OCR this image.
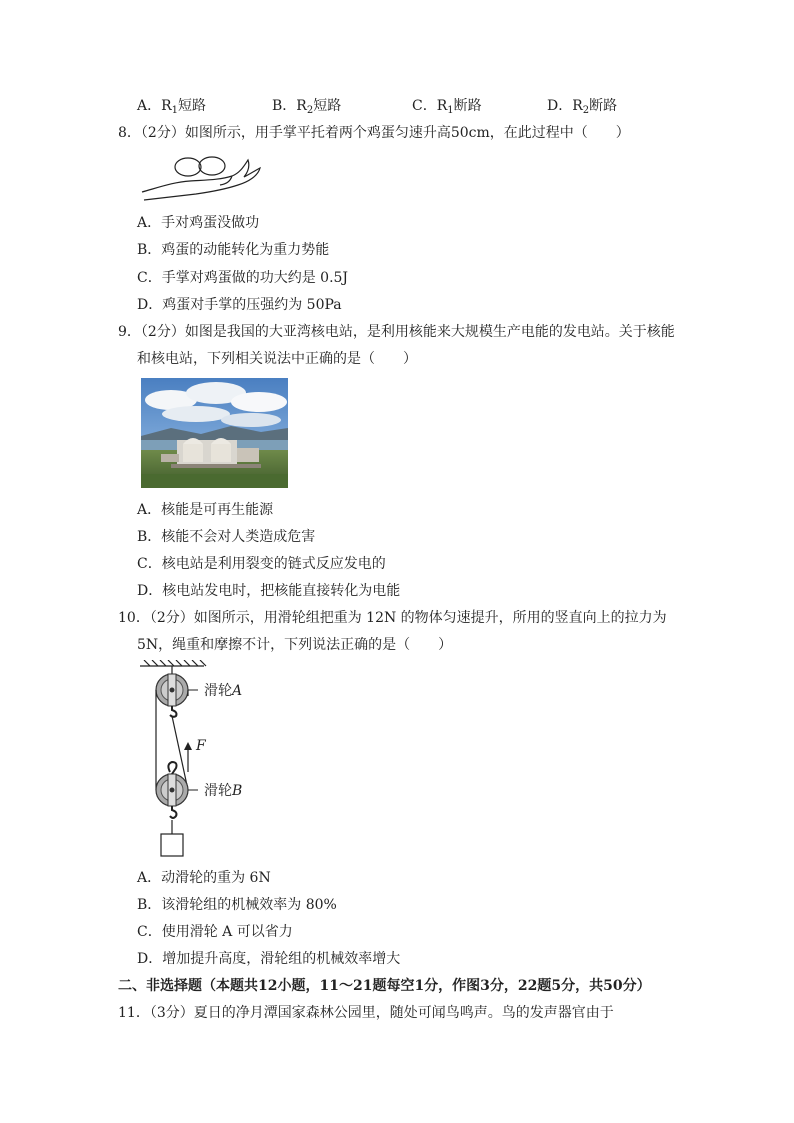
A．$R_1$短路	B．$R_2$短路	C．$R_1$断路	D．$R_2$断路
8．（2分）如图所示，用手掌平托着两个鸡蛋匀速升高50cm，在此过程中（　　）
A．手对鸡蛋没做功
B．鸡蛋的动能转化为重力势能
C．手掌对鸡蛋做的功大约是 0.5J
D．鸡蛋对手掌的压强约为 50Pa
9．（2分）如图是我国的大亚湾核电站，是利用核能来大规模生产电能的发电站。关于核能
和核电站，下列相关说法中正确的是（　　）
A．核能是可再生能源
B．核能不会对人类造成危害
C．核电站是利用裂变的链式反应发电的
D．核电站发电时，把核能直接转化为电能
10．（2分）如图所示，用滑轮组把重为 12N 的物体匀速提升，所用的竖直向上的拉力为
5N，绳重和摩擦不计，下列说法正确的是（　　）
滑轮A
F
滑轮B
A．动滑轮的重为 6N
B．该滑轮组的机械效率为 80%
C．使用滑轮 A 可以省力
D．增加提升高度，滑轮组的机械效率增大
二、非选择题（本题共12小题，11～21题每空1分，作图3分，22题5分，共50分）
11．（3分）夏日的净月潭国家森林公园里，随处可闻鸟鸣声。鸟的发声器官由于
